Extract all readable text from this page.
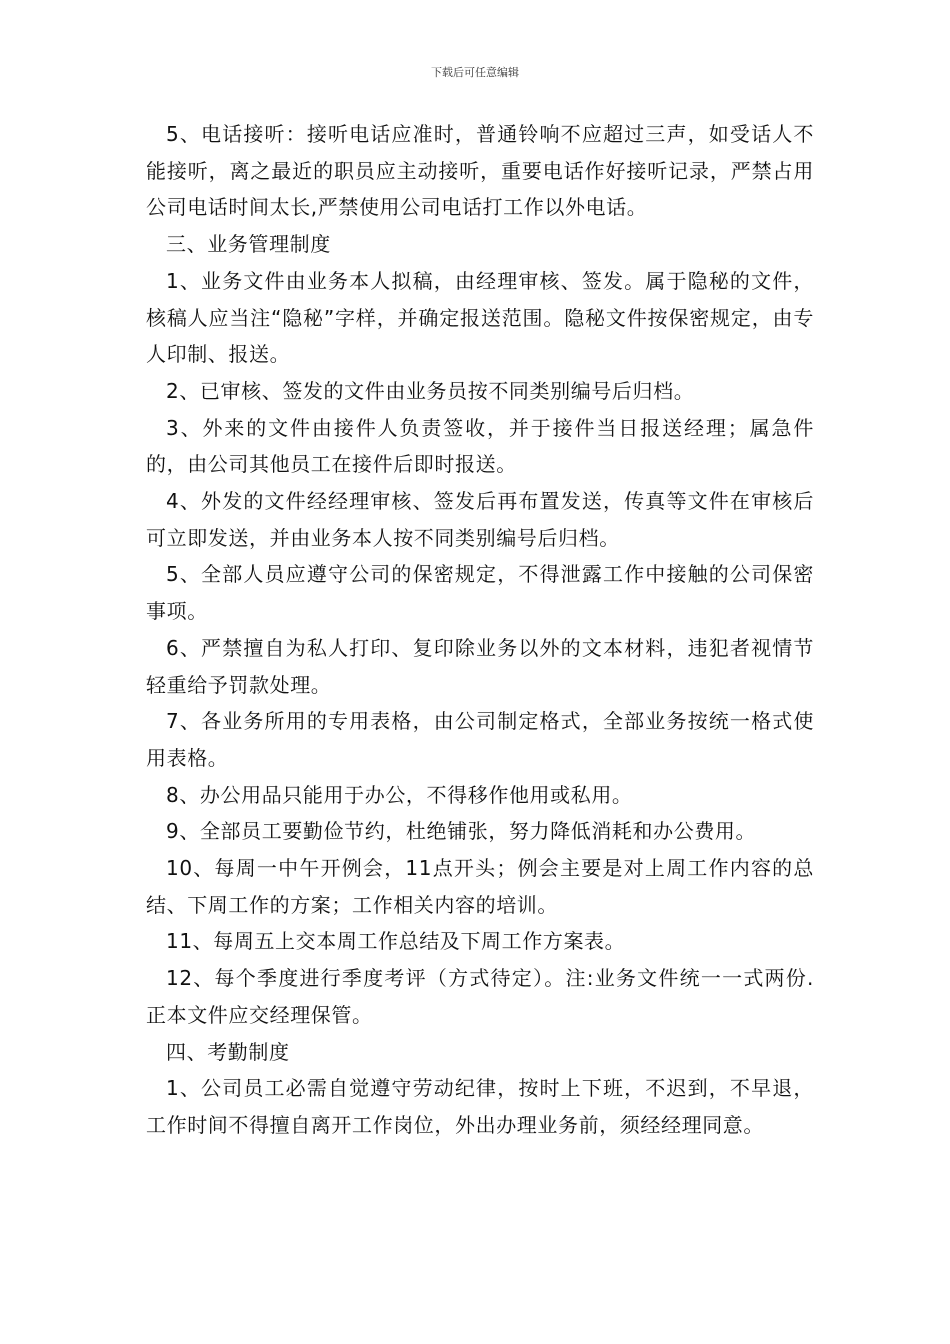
下载后可任意编辑

5、电话接听：接听电话应准时，普通铃响不应超过三声，如受话人不能接听，离之最近的职员应主动接听，重要电话作好接听记录，严禁占用公司电话时间太长,严禁使用公司电话打工作以外电话。

三、业务管理制度

1、业务文件由业务本人拟稿，由经理审核、签发。属于隐秘的文件，核稿人应当注“隐秘”字样，并确定报送范围。隐秘文件按保密规定，由专人印制、报送。

2、已审核、签发的文件由业务员按不同类别编号后归档。

3、外来的文件由接件人负责签收，并于接件当日报送经理；属急件的，由公司其他员工在接件后即时报送。

4、外发的文件经经理审核、签发后再布置发送，传真等文件在审核后可立即发送，并由业务本人按不同类别编号后归档。

5、全部人员应遵守公司的保密规定，不得泄露工作中接触的公司保密事项。

6、严禁擅自为私人打印、复印除业务以外的文本材料，违犯者视情节轻重给予罚款处理。

7、各业务所用的专用表格，由公司制定格式，全部业务按统一格式使用表格。

8、办公用品只能用于办公，不得移作他用或私用。

9、全部员工要勤俭节约，杜绝铺张，努力降低消耗和办公费用。

10、每周一中午开例会，11点开头；例会主要是对上周工作内容的总结、下周工作的方案；工作相关内容的培训。

11、每周五上交本周工作总结及下周工作方案表。

12、每个季度进行季度考评（方式待定）。注:业务文件统一一式两份.正本文件应交经理保管。

四、考勤制度

1、公司员工必需自觉遵守劳动纪律，按时上下班，不迟到，不早退，工作时间不得擅自离开工作岗位，外出办理业务前，须经经理同意。
